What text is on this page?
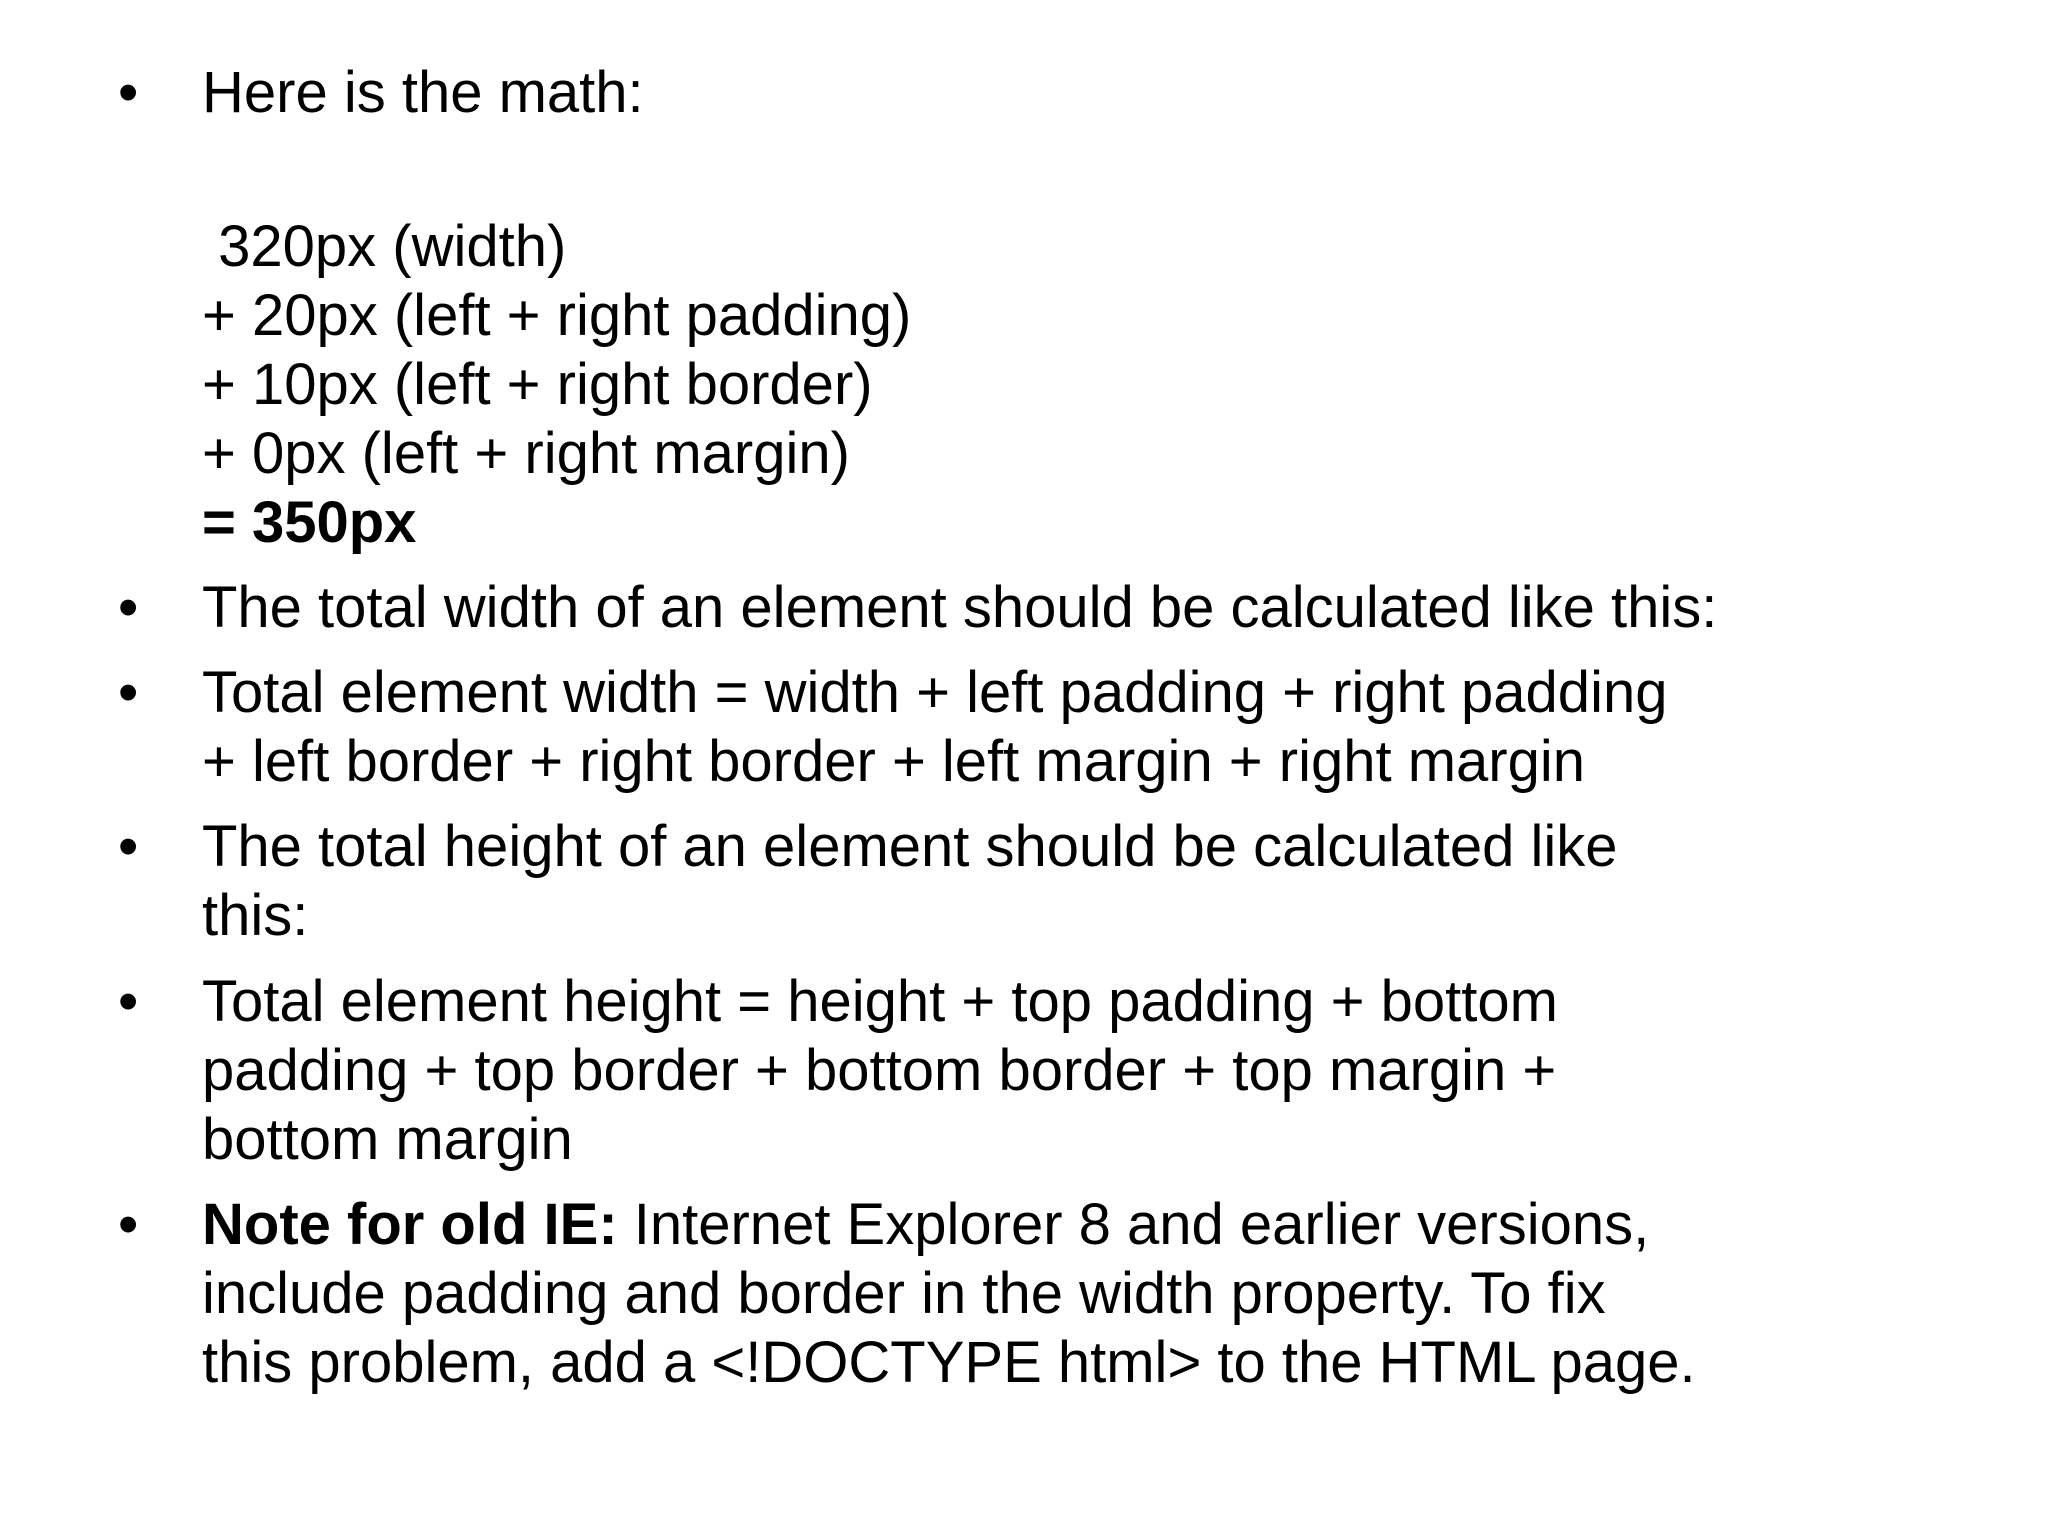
• Here is the math:
320px (width)
+ 20px (left + right padding)
+ 10px (left + right border)
+ 0px (left + right margin)
= 350px
• The total width of an element should be calculated like this:
• Total element width = width + left padding + right padding
+ left border + right border + left margin + right margin
• The total height of an element should be calculated like
this:
• Total element height = height + top padding + bottom
padding + top border + bottom border + top margin +
bottom margin
• Note for old IE: Internet Explorer 8 and earlier versions,
include padding and border in the width property. To fix
this problem, add a <!DOCTYPE html> to the HTML page.
